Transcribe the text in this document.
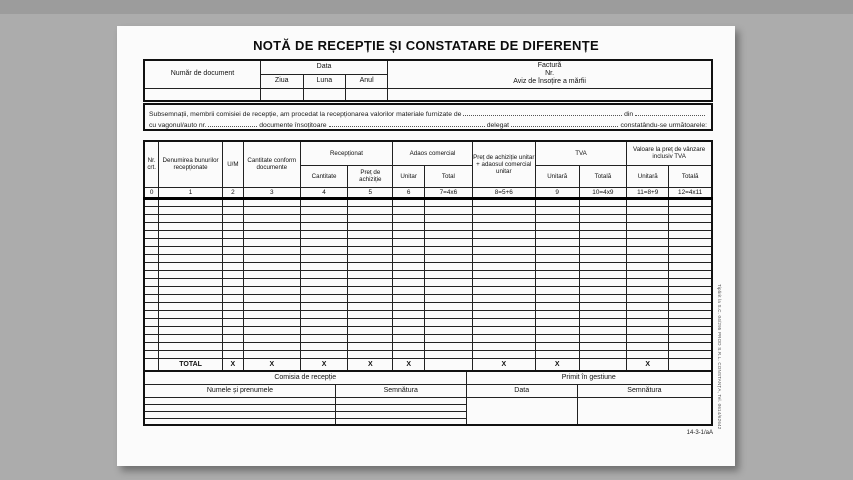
NOTĂ DE RECEPȚIE ȘI CONSTATARE DE DIFERENȚE
Număr de document	Data			Factură
Nr.
Aviz de însoțire a mărfii

	Ziua	Luna	Anul	

Subsemnații, membrii comisiei de recepție, am procedat la recepționarea valorilor materiale furnizate de	din
cu vagonul/auto nr.	documente însoțitoare	delegat	constatându-se următoarele:
Nr. crt.	Denumirea bunurilor recepționate	U/M	Cantitate conform documente	Recepționat		Adaos comercial		Preț de achiziție unitar + adaosul comercial unitar	TVA		Valoare la preț de vânzare inclusiv TVA	
				Cantitate	Preț de achiziție	Unitar	Total		Unitară	Totală	Unitară	Totală
0	1	2	3	4	5	6	7=4x6	8=5+6	9	10=4x9	11=8+9	12=4x11

	TOTAL	X	X	X	X	X		X	X		X	
Comisia de recepție		Primit în gestiune	
Numele și prenumele	Semnătura	Data	Semnătura

14-3-1/aA
Tipărit la S.C. 04/295 PROD S.R.L. CONSTANȚA, Tel. 0614/62642
